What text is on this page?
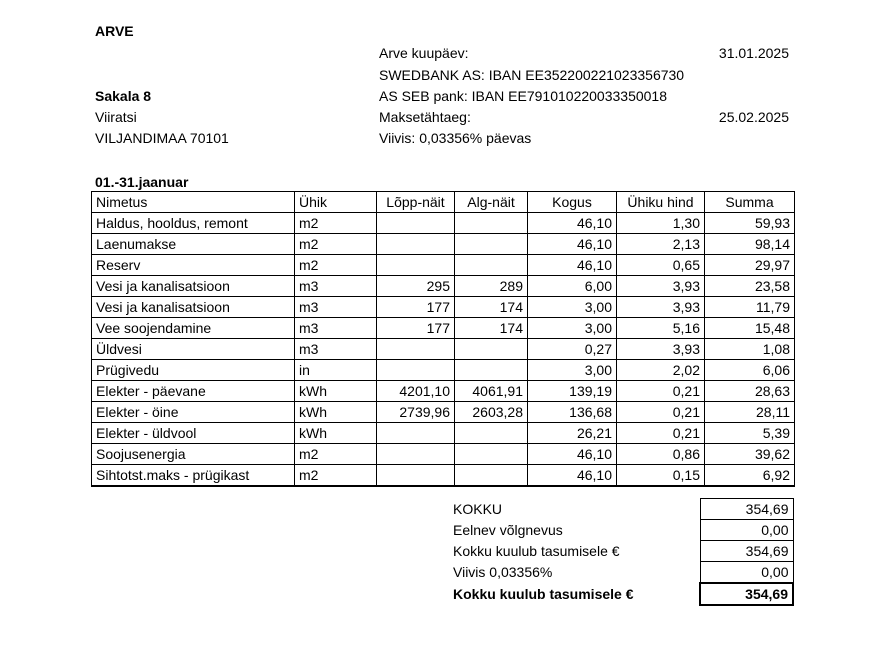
ARVE
Arve kuupäev:	31.01.2025
SWEDBANK AS: IBAN EE352200221023356730
AS SEB pank: IBAN EE791010220033350018
Maksetähtaeg:	25.02.2025
Viivis: 0,03356% päevas
Sakala 8
Viiratsi
VILJANDIMAA 70101
01.-31.jaanuar
Nimetus	Ühik	Lõpp-näit	Alg-näit	Kogus	Ühiku hind	Summa
Haldus, hooldus, remont	m2			46,10	1,30	59,93
Laenumakse	m2			46,10	2,13	98,14
Reserv	m2			46,10	0,65	29,97
Vesi ja kanalisatsioon	m3	295	289	6,00	3,93	23,58
Vesi ja kanalisatsioon	m3	177	174	3,00	3,93	11,79
Vee soojendamine	m3	177	174	3,00	5,16	15,48
Üldvesi	m3			0,27	3,93	1,08
Prügivedu	in			3,00	2,02	6,06
Elekter - päevane	kWh	4201,10	4061,91	139,19	0,21	28,63
Elekter - öine	kWh	2739,96	2603,28	136,68	0,21	28,11
Elekter - üldvool	kWh			26,21	0,21	5,39
Soojusenergia	m2			46,10	0,86	39,62
Sihtotst.maks - prügikast	m2			46,10	0,15	6,92
KOKKU	354,69
Eelnev võlgnevus	0,00
Kokku kuulub tasumisele €	354,69
Viivis 0,03356%	0,00
Kokku kuulub tasumisele €	354,69
